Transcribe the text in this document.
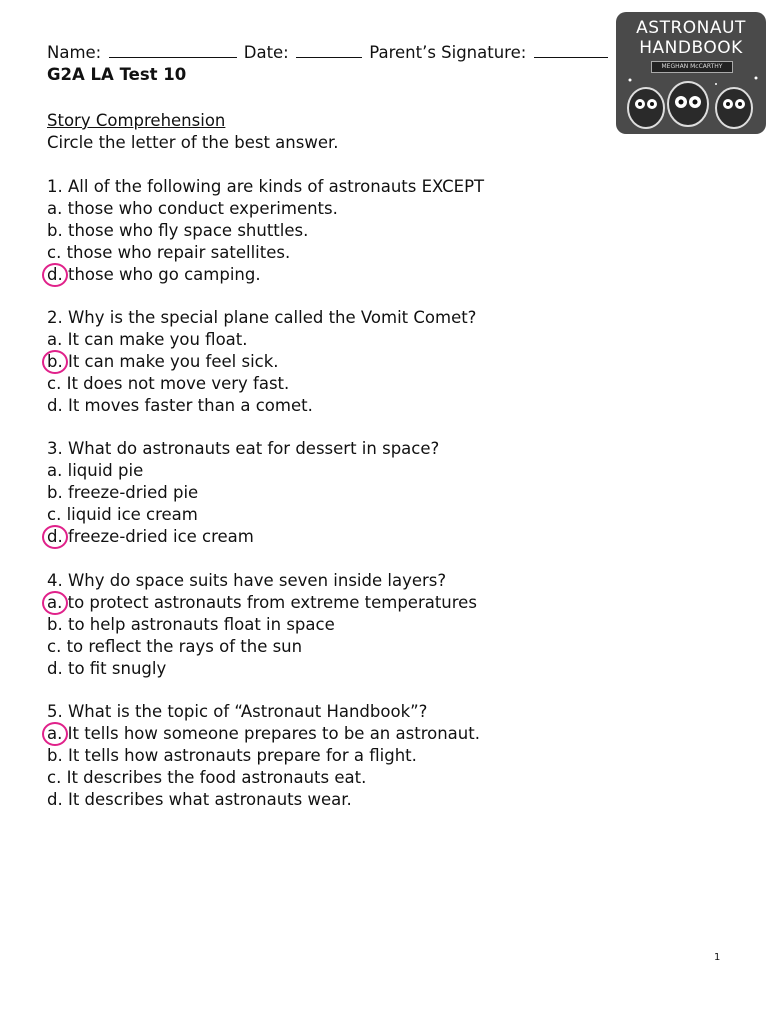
Name:	Date:	Parent’s Signature:
G2A LA Test 10
ASTRONAUT
HANDBOOK
MEGHAN McCARTHY
Story Comprehension
Circle the letter of the best answer.
1. All of the following are kinds of astronauts EXCEPT
a. those who conduct experiments.
b. those who fly space shuttles.
c. those who repair satellites.
d. those who go camping.
2. Why is the special plane called the Vomit Comet?
a. It can make you float.
b. It can make you feel sick.
c. It does not move very fast.
d. It moves faster than a comet.
3. What do astronauts eat for dessert in space?
a. liquid pie
b. freeze-dried pie
c. liquid ice cream
d. freeze-dried ice cream
4. Why do space suits have seven inside layers?
a. to protect astronauts from extreme temperatures
b. to help astronauts float in space
c. to reflect the rays of the sun
d. to fit snugly
5. What is the topic of “Astronaut Handbook”?
a. It tells how someone prepares to be an astronaut.
b. It tells how astronauts prepare for a flight.
c. It describes the food astronauts eat.
d. It describes what astronauts wear.
1
